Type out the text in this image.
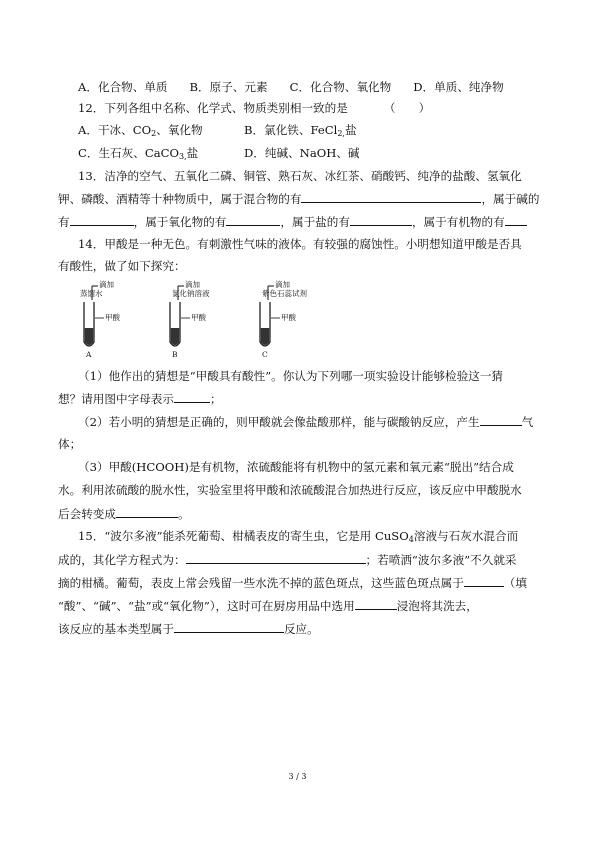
A．化合物、单质 B．原子、元素 C．化合物、氧化物 D．单质、纯净物
12．下列各组中名称、化学式、物质类别相一致的是	（　　）
A．干冰、$CO_2$、氧化物	B．氯化铁、FeCl$_{2,}$盐
C．生石灰、CaCO$_{3,}$盐	D．纯碱、NaOH、碱
13．洁净的空气、五氧化二磷、铜管、熟石灰、冰红茶、硝酸钙、纯净的盐酸、氢氧化
钾、磷酸、酒精等十种物质中，属于混合物的有	，属于碱的
有	，属于氧化物的有	，属于盐的有	，属于有机物的有
14．甲酸是一种无色。有刺激性气味的液体。有较强的腐蚀性。小明想知道甲酸是否具
有酸性，做了如下探究：
滴加
蒸馏水
甲酸
A
滴加
氯化钠溶液
甲酸
B
滴加
紫色石蕊试剂
甲酸
C
（1）他作出的猜想是“甲酸具有酸性”。你认为下列哪一项实验设计能够检验这一猜
想？请用图中字母表示	；
（2）若小明的猜想是正确的，则甲酸就会像盐酸那样，能与碳酸钠反应，产生	气
体；
（3）甲酸(HCOOH)是有机物，浓硫酸能将有机物中的氢元素和氧元素“脱出”结合成
水。利用浓硫酸的脱水性，实验室里将甲酸和浓硫酸混合加热进行反应，该反应中甲酸脱水
后会转变成	。
15．“波尔多液”能杀死葡萄、柑橘表皮的寄生虫，它是用 CuSO$_4$溶液与石灰水混合而
成的，其化学方程式为：	；若喷洒“波尔多液”不久就采
摘的柑橘。葡萄，表皮上常会残留一些水洗不掉的蓝色斑点，这些蓝色斑点属于	（填
“酸”、“碱”、“盐”或“氧化物”），这时可在厨房用品中选用	浸泡将其洗去，
该反应的基本类型属于	反应。
3 / 3
